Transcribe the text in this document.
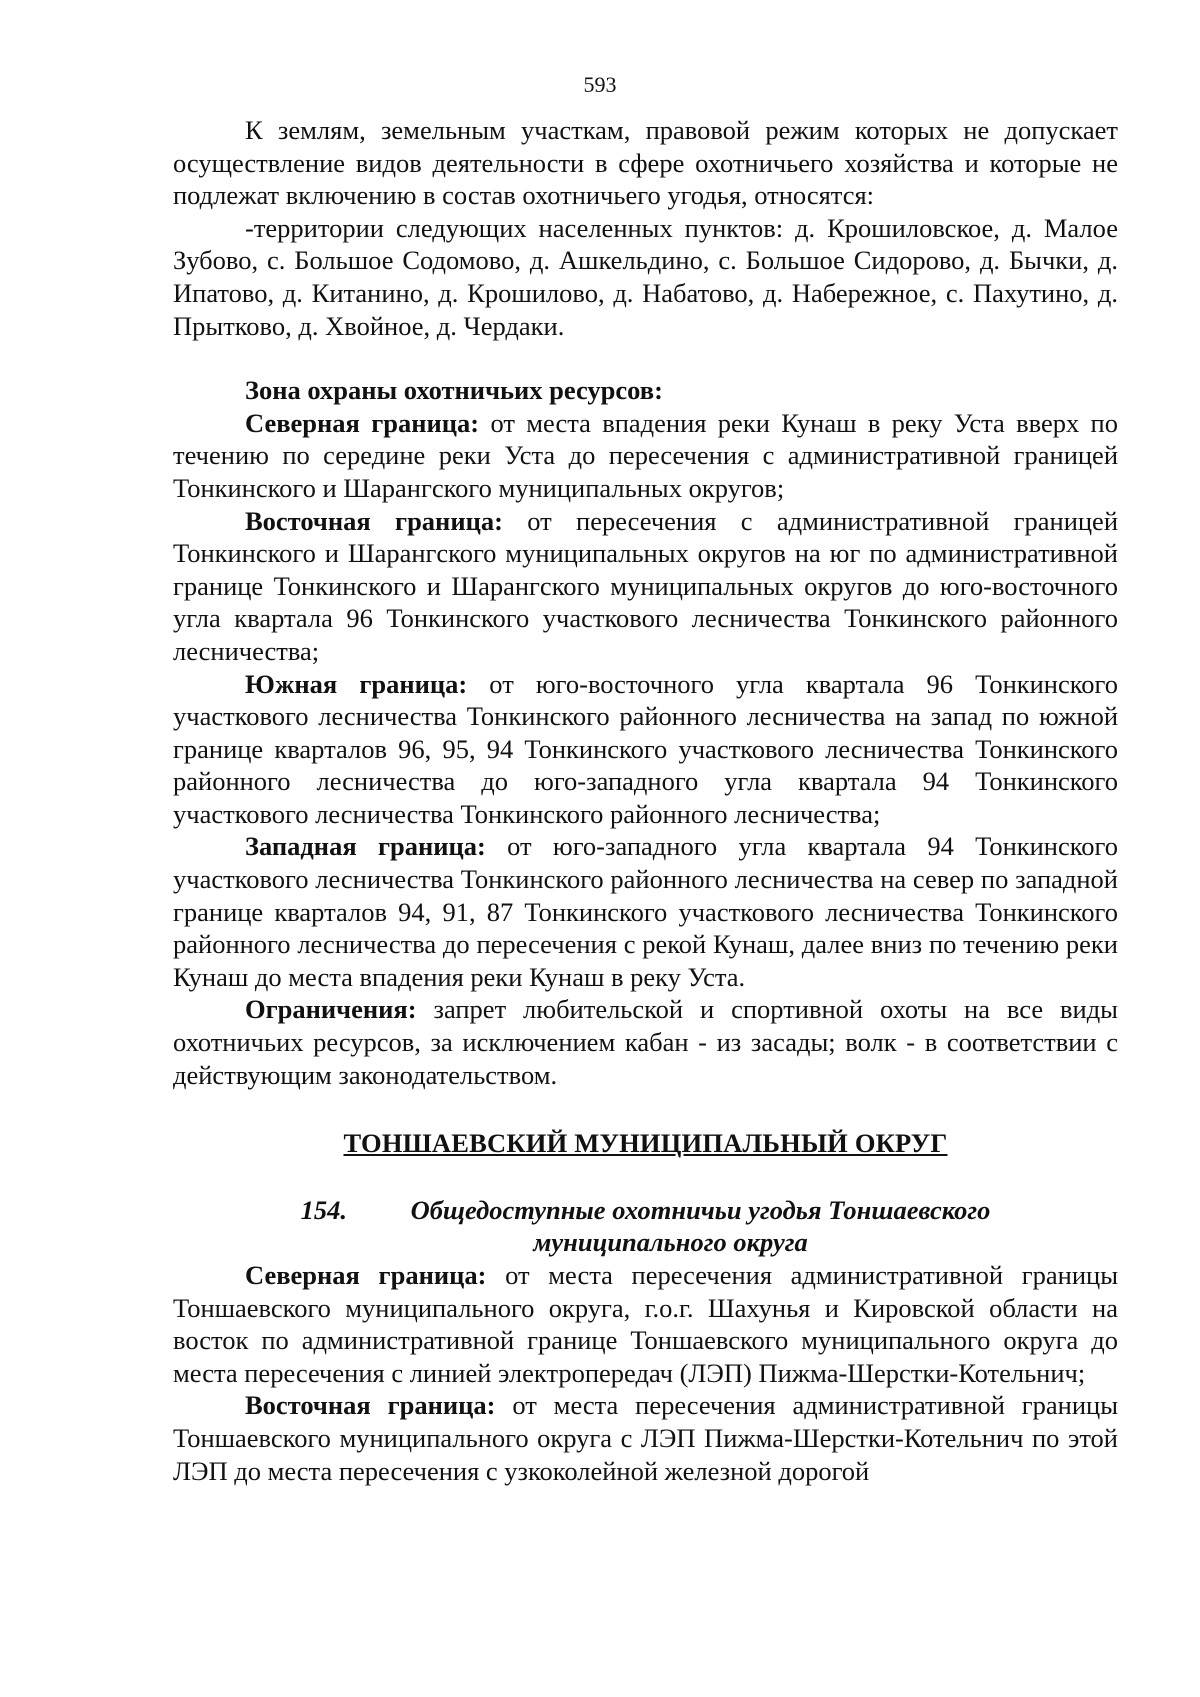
593

К землям, земельным участкам, правовой режим которых не допускает осуществление видов деятельности в сфере охотничьего хозяйства и которые не подлежат включению в состав охотничьего угодья, относятся:

-территории следующих населенных пунктов: д. Крошиловское, д. Малое Зубово, с. Большое Содомово, д. Ашкельдино, с. Большое Сидорово, д. Бычки, д. Ипатово, д. Китанино, д. Крошилово, д. Набатово, д. Набережное, с. Пахутино, д. Прытково, д. Хвойное, д. Чердаки.

Зона охраны охотничьих ресурсов:

Северная граница: от места впадения реки Кунаш в реку Уста вверх по течению по середине реки Уста до пересечения с административной границей Тонкинского и Шарангского муниципальных округов;

Восточная граница: от пересечения с административной границей Тонкинского и Шарангского муниципальных округов на юг по административной границе Тонкинского и Шарангского муниципальных округов до юго-восточного угла квартала 96 Тонкинского участкового лесничества Тонкинского районного лесничества;

Южная граница: от юго-восточного угла квартала 96 Тонкинского участкового лесничества Тонкинского районного лесничества на запад по южной границе кварталов 96, 95, 94 Тонкинского участкового лесничества Тонкинского районного лесничества до юго-западного угла квартала 94 Тонкинского участкового лесничества Тонкинского районного лесничества;

Западная граница: от юго-западного угла квартала 94 Тонкинского участкового лесничества Тонкинского районного лесничества на север по западной границе кварталов 94, 91, 87 Тонкинского участкового лесничества Тонкинского районного лесничества до пересечения с рекой Кунаш, далее вниз по течению реки Кунаш до места впадения реки Кунаш в реку Уста.

Ограничения: запрет любительской и спортивной охоты на все виды охотничьих ресурсов, за исключением кабан - из засады; волк - в соответствии с действующим законодательством.

ТОНШАЕВСКИЙ МУНИЦИПАЛЬНЫЙ ОКРУГ
154. Общедоступные охотничьи угодья Тоншаевского
муниципального округа

Северная граница: от места пересечения административной границы Тоншаевского муниципального округа, г.о.г. Шахунья и Кировской области на восток по административной границе Тоншаевского муниципального округа до места пересечения с линией электропередач (ЛЭП) Пижма-Шерстки-Котельнич;

Восточная граница: от места пересечения административной границы Тоншаевского муниципального округа с ЛЭП Пижма-Шерстки-Котельнич по этой ЛЭП до места пересечения с узкоколейной железной дорогой
